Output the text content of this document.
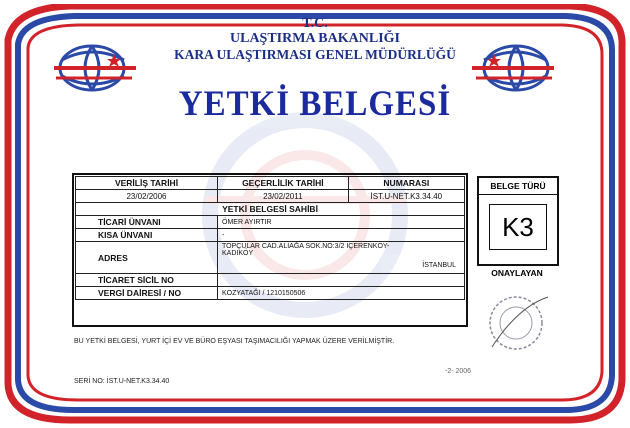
T.C.
ULAŞTIRMA BAKANLIĞI
KARA ULAŞTIRMASI GENEL MÜDÜRLÜĞÜ
YETKİ BELGESİ
VERİLİŞ TARİHİ	GEÇERLİLİK TARİHİ	NUMARASI
23/02/2006	23/02/2011	İST.U-NET.K3.34.40
YETKİ BELGESİ SAHİBİ		
TİCARİ ÜNVANI	ÖMER AYIRTIR	
KISA ÜNVANI	-	
ADRES	TOPÇULAR CAD.ALİAĞA SOK.NO:3/2 İÇERENKÖY-
KADIKÖY
İSTANBUL	

TİCARET SİCİL NO		
VERGİ DAİRESİ / NO	KOZYATAĞI / 1210150506	
BELGE TÜRÜ
K3
ONAYLAYAN
BU YETKİ BELGESİ, YURT İÇİ EV VE BÜRO EŞYASI TAŞIMACILIĞI YAPMAK ÜZERE VERİLMİŞTİR.
SERİ NO: İST.U-NET.K3.34.40
-2- 2006
